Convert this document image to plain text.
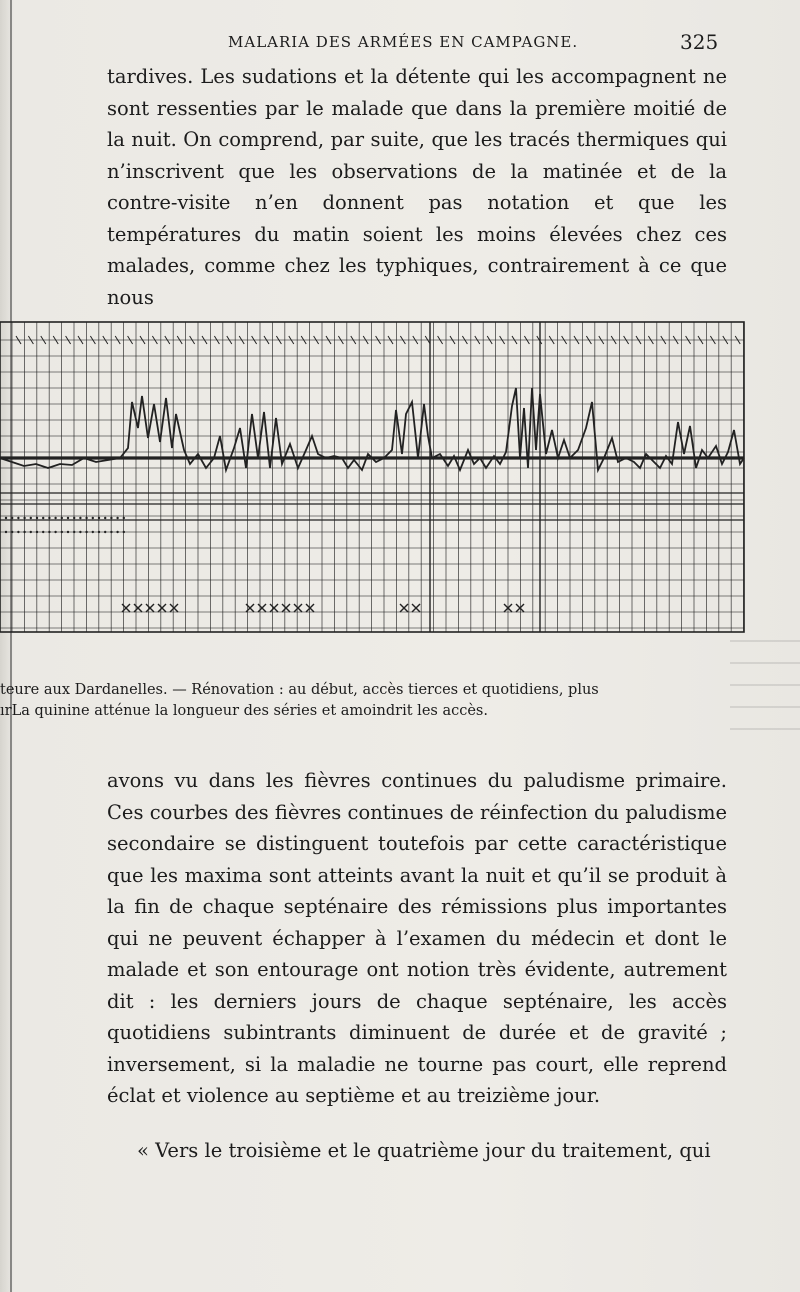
MALARIA DES ARMÉES EN CAMPAGNE.	325

tardives. Les sudations et la détente qui les accompagnent ne sont ressenties par le malade que dans la première moitié de la nuit. On comprend, par suite, que les tracés thermiques qui n’inscrivent que les observations de la matinée et de la contre-visite n’en donnent pas notation et que les températures du matin soient les moins élevées chez ces malades, comme chez les typhiques, contrairement à ce que nous

teure aux Dardanelles. — Rénovation : au début, accès tierces et quotidiens, plus
ırLa quinine atténue la longueur des séries et amoindrit les accès.

avons vu dans les fièvres continues du paludisme primaire. Ces courbes des fièvres continues de réinfection du paludisme secondaire se distinguent toutefois par cette caractéristique que les maxima sont atteints avant la nuit et qu’il se produit à la fin de chaque septénaire des rémissions plus importantes qui ne peuvent échapper à l’examen du médecin et dont le malade et son entourage ont notion très évidente, autrement dit : les derniers jours de chaque septénaire, les accès quotidiens subintrants diminuent de durée et de gravité ; inversement, si la maladie ne tourne pas court, elle reprend éclat et violence au septième et au treizième jour.

« Vers le troisième et le quatrième jour du traitement, qui
